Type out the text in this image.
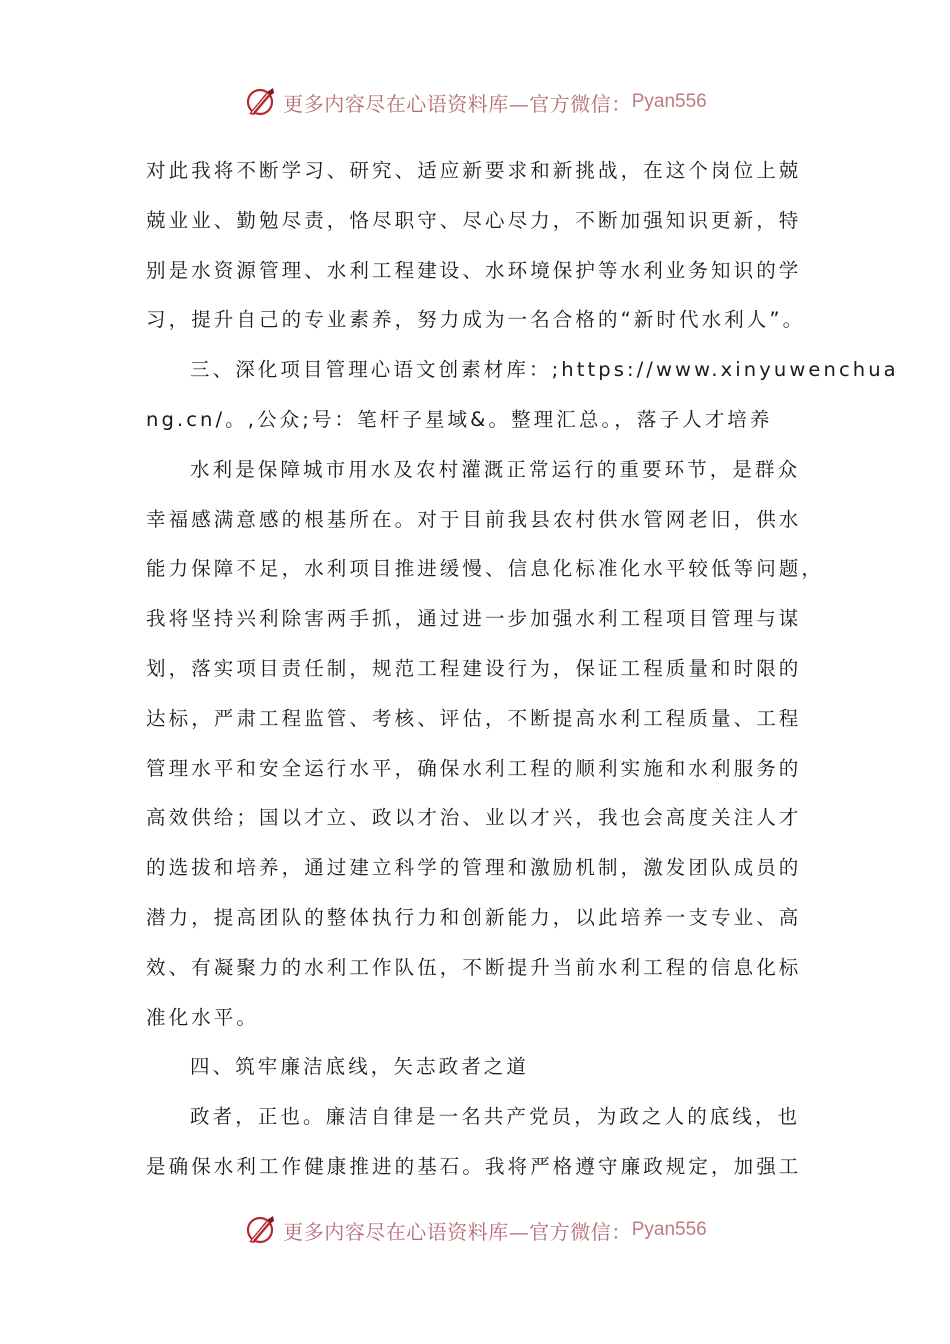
更多内容尽在心语资料库—官方微信： Pyan556
对此我将不断学习、研究、适应新要求和新挑战，在这个岗位上兢
兢业业、勤勉尽责，恪尽职守、尽心尽力，不断加强知识更新，特
别是水资源管理、水利工程建设、水环境保护等水利业务知识的学
习，提升自己的专业素养，努力成为一名合格的“新时代水利人”。
三、深化项目管理心语文创素材库：;https://www.xinyuwenchua
ng.cn/。,公众;号：笔杆子星域&。整理汇总。，落子人才培养
水利是保障城市用水及农村灌溉正常运行的重要环节，是群众
幸福感满意感的根基所在。对于目前我县农村供水管网老旧，供水
能力保障不足，水利项目推进缓慢、信息化标准化水平较低等问题，
我将坚持兴利除害两手抓，通过进一步加强水利工程项目管理与谋
划，落实项目责任制，规范工程建设行为，保证工程质量和时限的
达标，严肃工程监管、考核、评估，不断提高水利工程质量、工程
管理水平和安全运行水平，确保水利工程的顺利实施和水利服务的
高效供给；国以才立、政以才治、业以才兴，我也会高度关注人才
的选拔和培养，通过建立科学的管理和激励机制，激发团队成员的
潜力，提高团队的整体执行力和创新能力，以此培养一支专业、高
效、有凝聚力的水利工作队伍，不断提升当前水利工程的信息化标
准化水平。
四、筑牢廉洁底线，矢志政者之道
政者，正也。廉洁自律是一名共产党员，为政之人的底线，也
是确保水利工作健康推进的基石。我将严格遵守廉政规定，加强工
更多内容尽在心语资料库—官方微信： Pyan556
